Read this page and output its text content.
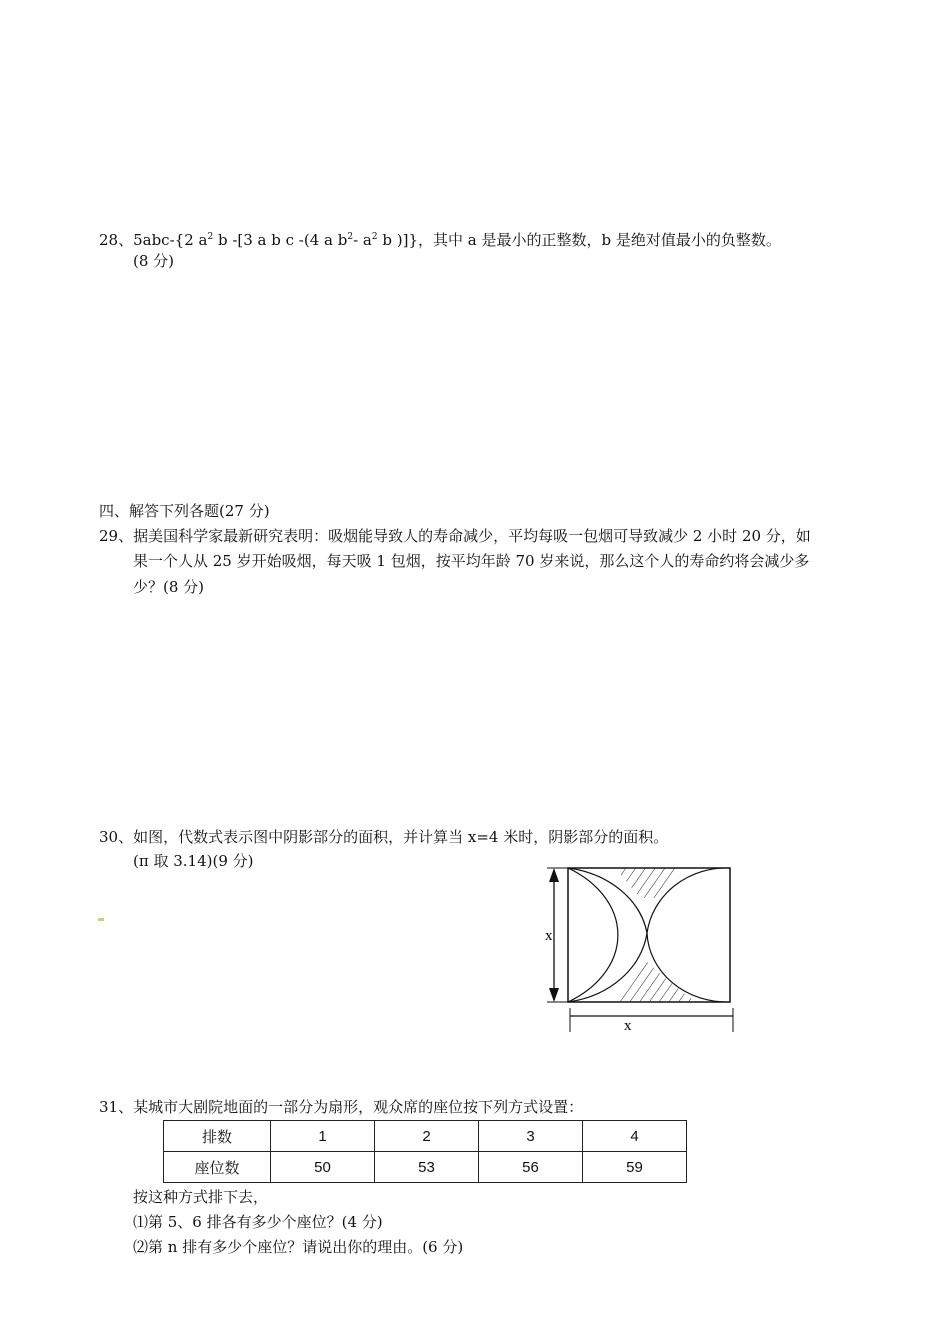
28、5abc-{2 $a^2$ b -[3 a b c -(4 a $b^2-$ $a^2$ b )]}，其中 a 是最小的正整数，b 是绝对值最小的负整数。
(8 分)
四、解答下列各题(27 分)
29、据美国科学家最新研究表明：吸烟能导致人的寿命减少，平均每吸一包烟可导致减少 2 小时 20 分，如
果一个人从 25 岁开始吸烟，每天吸 1 包烟，按平均年龄 70 岁来说，那么这个人的寿命约将会减少多
少？(8 分)
30、如图，代数式表示图中阴影部分的面积，并计算当 x=4 米时，阴影部分的面积。
(π 取 3.14)(9 分)
x
x
31、某城市大剧院地面的一部分为扇形，观众席的座位按下列方式设置：
排数	1	2	3	4
座位数	50	53	56	59
按这种方式排下去，
⑴第 5、6 排各有多少个座位？(4 分)
⑵第 n 排有多少个座位？请说出你的理由。(6 分)
